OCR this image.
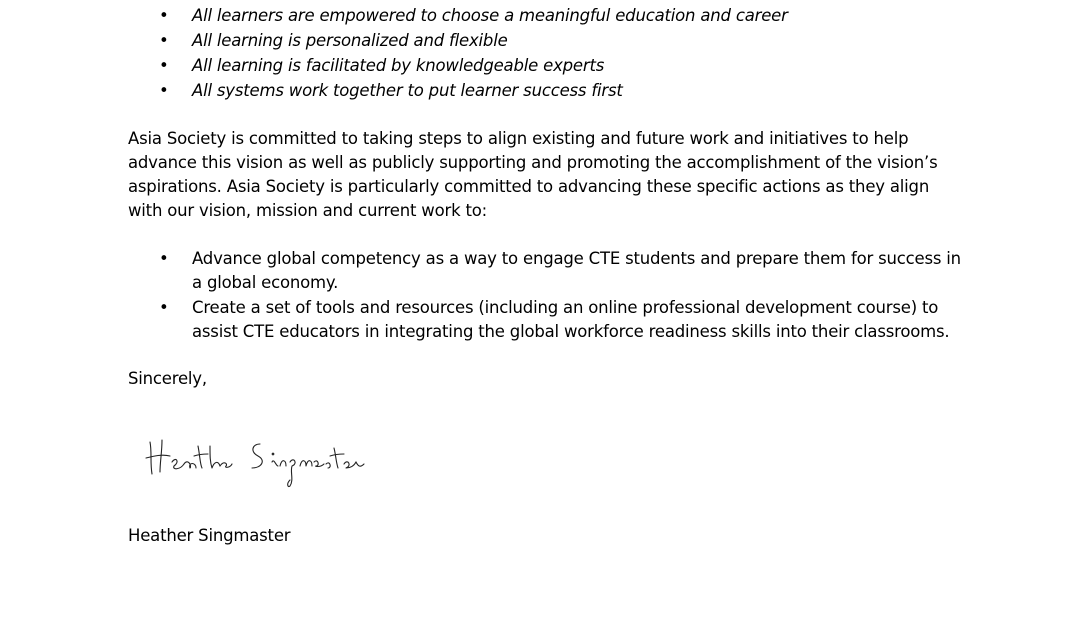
• All learners are empowered to choose a meaningful education and career
• All learning is personalized and flexible
• All learning is facilitated by knowledgeable experts
• All systems work together to put learner success first
Asia Society is committed to taking steps to align existing and future work and initiatives to help advance this vision as well as publicly supporting and promoting the accomplishment of the vision’s aspirations. Asia Society is particularly committed to advancing these specific actions as they align with our vision, mission and current work to:
• Advance global competency as a way to engage CTE students and prepare them for success in a global economy.
• Create a set of tools and resources (including an online professional development course) to assist CTE educators in integrating the global workforce readiness skills into their classrooms.
Sincerely,
Heather Singmaster
